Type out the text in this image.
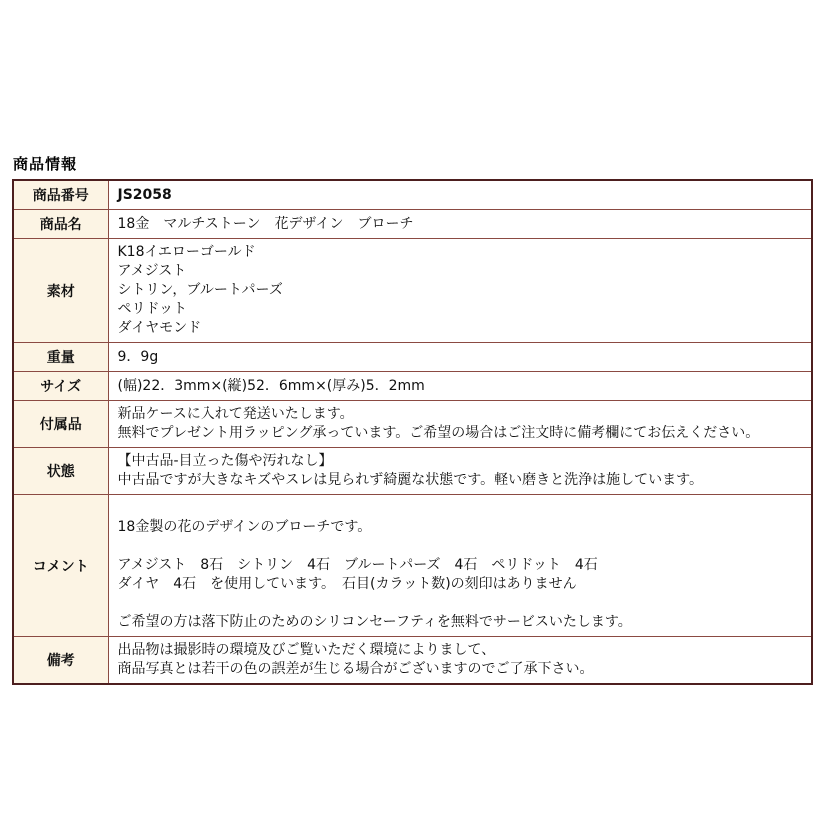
商品情報
商品番号	JS2058

商品名	18金　マルチストーン　花デザイン　ブローチ

素材	K18イエローゴールド
アメジスト
シトリン，ブルートパーズ
ペリドット
ダイヤモンド

重量	9．9g

サイズ	(幅)22．3mm×(縦)52．6mm×(厚み)5．2mm

付属品	新品ケースに入れて発送いたします。
無料でプレゼント用ラッピング承っています。ご希望の場合はご注文時に備考欄にてお伝えください。

状態	【中古品-目立った傷や汚れなし】
中古品ですが大きなキズやスレは見られず綺麗な状態です。軽い磨きと洗浄は施しています。

コメント	18金製の花のデザインのブローチです。

アメジスト　8石　シトリン　4石　ブルートパーズ　4石　ペリドット　4石
ダイヤ　4石　を使用しています。　石目(カラット数)の刻印はありません

ご希望の方は落下防止のためのシリコンセーフティを無料でサービスいたします。

備考	出品物は撮影時の環境及びご覧いただく環境によりまして、
商品写真とは若干の色の誤差が生じる場合がございますのでご了承下さい。
